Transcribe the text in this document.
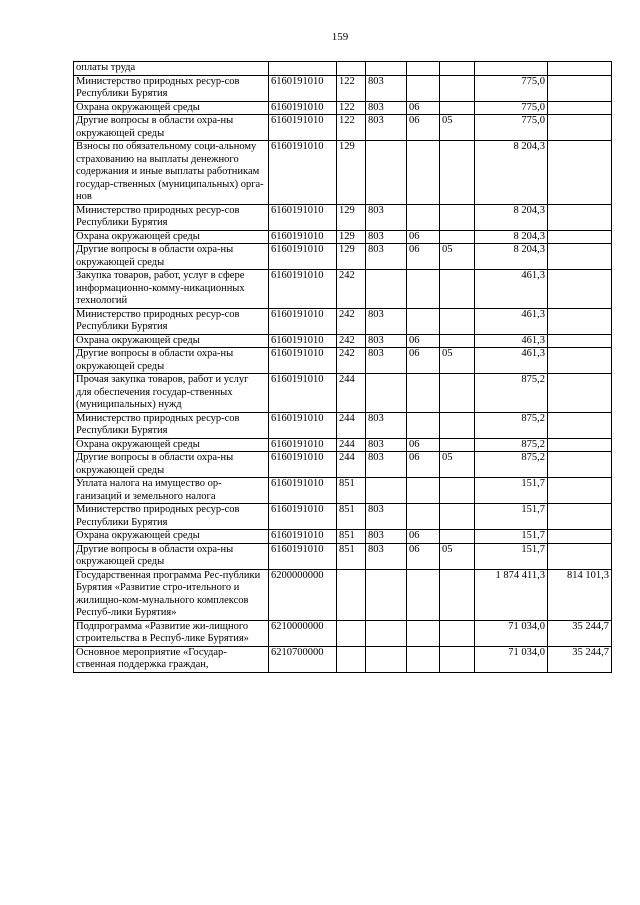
159
оплаты труда							
Министерство природных ресур-сов Республики Бурятия	6160191010	122	803			775,0	
Охрана окружающей среды	6160191010	122	803	06		775,0	
Другие вопросы в области охра-ны окружающей среды	6160191010	122	803	06	05	775,0	
Взносы по обязательному соци-альному страхованию на выплаты денежного содержания и иные выплаты работникам государ-ственных (муниципальных) орга-нов	6160191010	129				8 204,3	
Министерство природных ресур-сов Республики Бурятия	6160191010	129	803			8 204,3	
Охрана окружающей среды	6160191010	129	803	06		8 204,3	
Другие вопросы в области охра-ны окружающей среды	6160191010	129	803	06	05	8 204,3	
Закупка товаров, работ, услуг в сфере информационно-комму-никационных технологий	6160191010	242				461,3	
Министерство природных ресур-сов Республики Бурятия	6160191010	242	803			461,3	
Охрана окружающей среды	6160191010	242	803	06		461,3	
Другие вопросы в области охра-ны окружающей среды	6160191010	242	803	06	05	461,3	
Прочая закупка товаров, работ и услуг для обеспечения государ-ственных (муниципальных) нужд	6160191010	244				875,2	
Министерство природных ресур-сов Республики Бурятия	6160191010	244	803			875,2	
Охрана окружающей среды	6160191010	244	803	06		875,2	
Другие вопросы в области охра-ны окружающей среды	6160191010	244	803	06	05	875,2	
Уплата налога на имущество ор-ганизаций и земельного налога	6160191010	851				151,7	
Министерство природных ресур-сов Республики Бурятия	6160191010	851	803			151,7	
Охрана окружающей среды	6160191010	851	803	06		151,7	
Другие вопросы в области охра-ны окружающей среды	6160191010	851	803	06	05	151,7	
Государственная программа Рес-публики Бурятия «Развитие стро-ительного и жилищно-ком-мунального комплексов Респуб-лики Бурятия»	6200000000					1 874 411,3	814 101,3
Подпрограмма «Развитие жи-лищного строительства в Респуб-лике Бурятия»	6210000000					71 034,0	35 244,7
Основное мероприятие «Государ-ственная поддержка граждан,	6210700000					71 034,0	35 244,7
